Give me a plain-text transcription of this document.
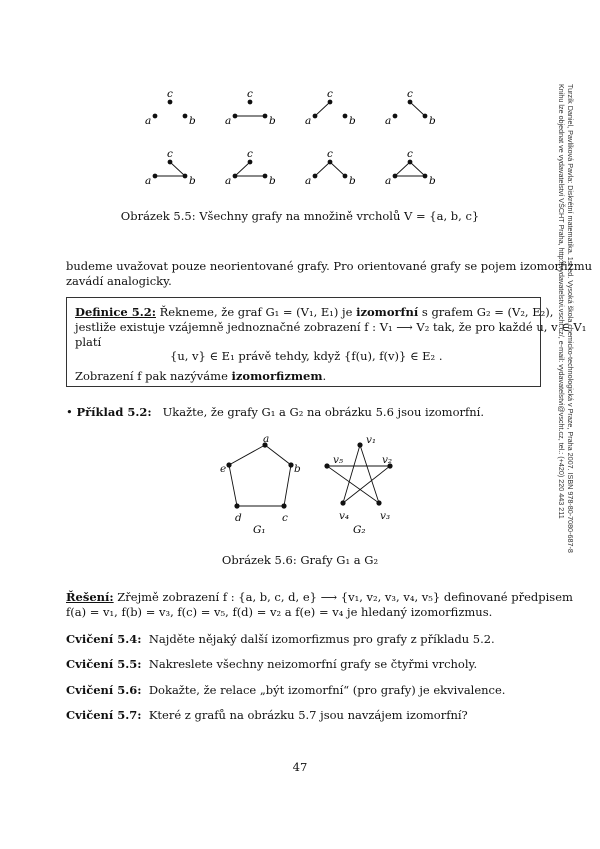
Turzík Daniel, Pavlíková Pavla: Diskrétní matematika. 1st ed. Vysoká škola chemicko-technologická v Praze, Praha 2007. ISBN 978-80-7080-687-8
Knihu lze objednat ve vydavatelství VŠCHT Praha, http://vydavatelstvi.vscht.cz/, e-mail: vydavatelstvi@vscht.cz, tel.: (+420) 220 443 211
a	b
c
a	b
c
a	b
c
a	b
c
a	b
c
a	b
c
a	b
c
a	b
c
Obrázek 5.5: Všechny grafy na množině vrcholů V = {a, b, c}
budeme uvažovat pouze neorientované grafy. Pro orientované grafy se pojem izomorfizmu
zavádí analogicky.
Definice 5.2: Řekneme, že graf G₁ = (V₁, E₁) je izomorfní s grafem G₂ = (V₂, E₂),
jestliže existuje vzájemně jednoznačné zobrazení f : V₁ ⟶ V₂ tak, že pro každé u, v ∈ V₁
platí
{u, v} ∈ E₁ právě tehdy, když {f(u), f(v)} ∈ E₂ .
Zobrazení f pak nazýváme izomorfizmem.
• Příklad 5.2: Ukažte, že grafy G₁ a G₂ na obrázku 5.6 jsou izomorfní.
a
b
c
d
e
G₁
v₁
v₂
v₃
v₄
v₅
G₂
Obrázek 5.6: Grafy G₁ a G₂
Řešení: Zřejmě zobrazení f : {a, b, c, d, e} ⟶ {v₁, v₂, v₃, v₄, v₅} definované předpisem
f(a) = v₁, f(b) = v₃, f(c) = v₅, f(d) = v₂ a f(e) = v₄ je hledaný izomorfizmus.
Cvičení 5.4: Najděte nějaký další izomorfizmus pro grafy z příkladu 5.2.
Cvičení 5.5: Nakreslete všechny neizomorfní grafy se čtyřmi vrcholy.
Cvičení 5.6: Dokažte, že relace „být izomorfní“ (pro grafy) je ekvivalence.
Cvičení 5.7: Které z grafů na obrázku 5.7 jsou navzájem izomorfní?
47
